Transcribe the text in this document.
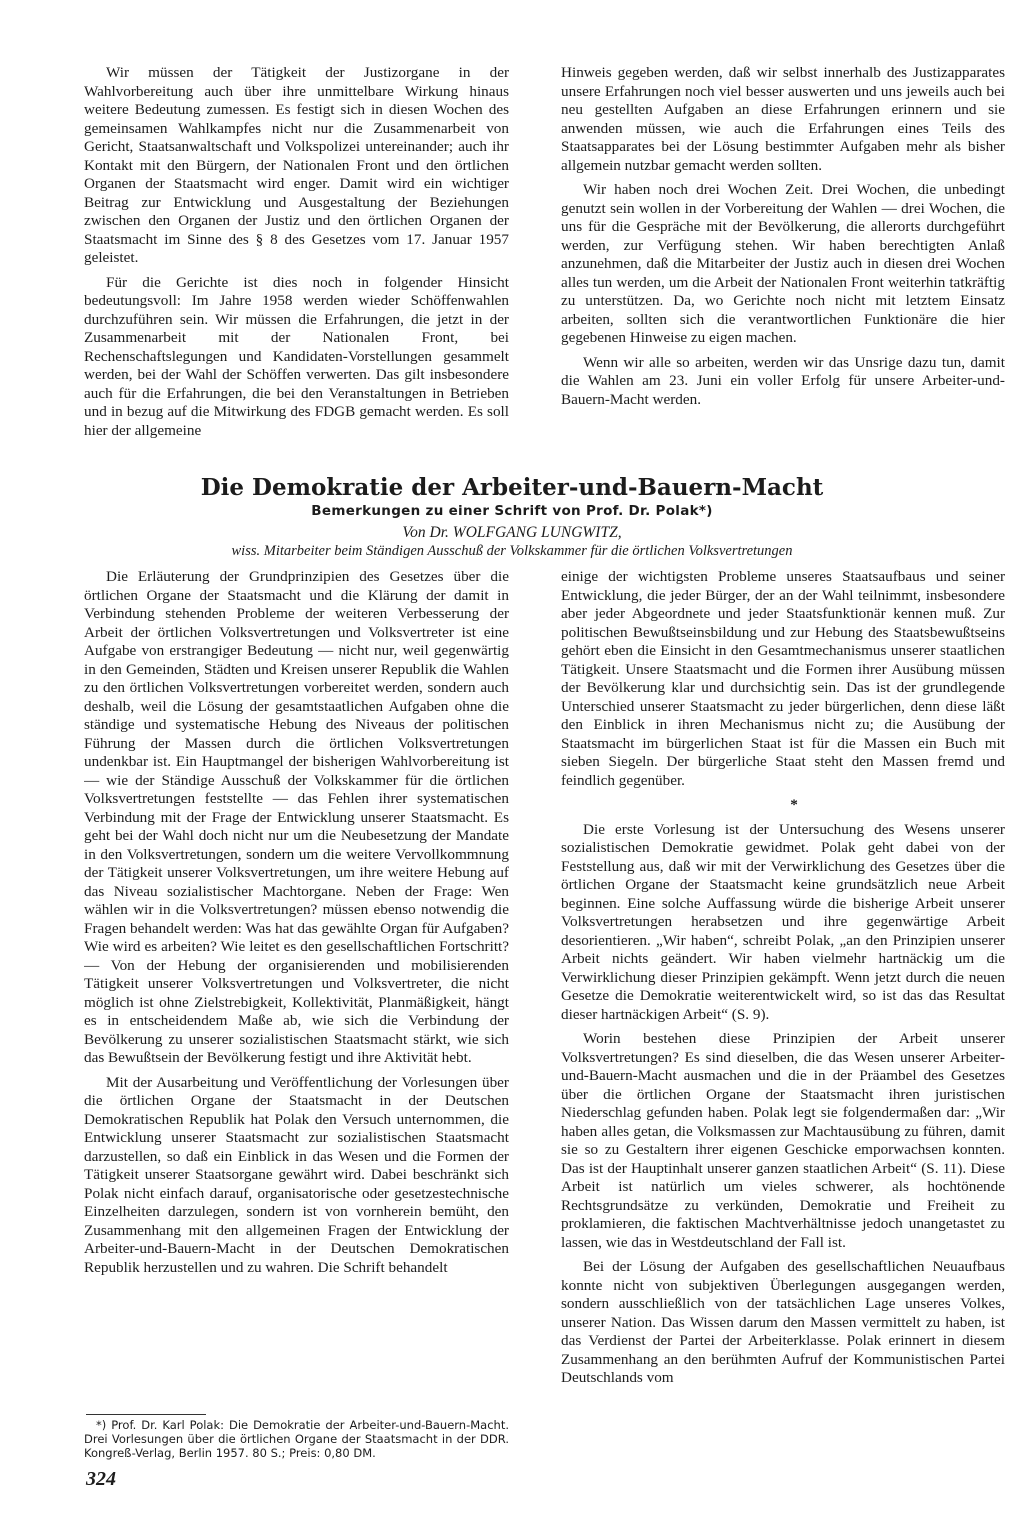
Wir müssen der Tätigkeit der Justizorgane in der Wahlvorbereitung auch über ihre unmittelbare Wirkung hinaus weitere Bedeutung zumessen. Es festigt sich in diesen Wochen des gemeinsamen Wahlkampfes nicht nur die Zusammenarbeit von Gericht, Staatsanwaltschaft und Volkspolizei untereinander; auch ihr Kontakt mit den Bürgern, der Nationalen Front und den örtlichen Organen der Staatsmacht wird enger. Damit wird ein wichtiger Beitrag zur Entwicklung und Ausgestaltung der Beziehungen zwischen den Organen der Justiz und den örtlichen Organen der Staatsmacht im Sinne des § 8 des Gesetzes vom 17. Januar 1957 geleistet.

Für die Gerichte ist dies noch in folgender Hinsicht bedeutungsvoll: Im Jahre 1958 werden wieder Schöffenwahlen durchzuführen sein. Wir müssen die Erfahrungen, die jetzt in der Zusammenarbeit mit der Nationalen Front, bei Rechenschaftslegungen und Kandidaten-Vorstellungen gesammelt werden, bei der Wahl der Schöffen verwerten. Das gilt insbesondere auch für die Erfahrungen, die bei den Veranstaltungen in Betrieben und in bezug auf die Mitwirkung des FDGB gemacht werden. Es soll hier der allgemeine

Hinweis gegeben werden, daß wir selbst innerhalb des Justizapparates unsere Erfahrungen noch viel besser auswerten und uns jeweils auch bei neu gestellten Aufgaben an diese Erfahrungen erinnern und sie anwenden müssen, wie auch die Erfahrungen eines Teils des Staatsapparates bei der Lösung bestimmter Aufgaben mehr als bisher allgemein nutzbar gemacht werden sollten.

Wir haben noch drei Wochen Zeit. Drei Wochen, die unbedingt genutzt sein wollen in der Vorbereitung der Wahlen — drei Wochen, die uns für die Gespräche mit der Bevölkerung, die allerorts durchgeführt werden, zur Verfügung stehen. Wir haben berechtigten Anlaß anzunehmen, daß die Mitarbeiter der Justiz auch in diesen drei Wochen alles tun werden, um die Arbeit der Nationalen Front weiterhin tatkräftig zu unterstützen. Da, wo Gerichte noch nicht mit letztem Einsatz arbeiten, sollten sich die verantwortlichen Funktionäre die hier gegebenen Hinweise zu eigen machen.

Wenn wir alle so arbeiten, werden wir das Unsrige dazu tun, damit die Wahlen am 23. Juni ein voller Erfolg für unsere Arbeiter-und-Bauern-Macht werden.

Die Demokratie der Arbeiter-und-Bauern-Macht
Bemerkungen zu einer Schrift von Prof. Dr. Polak*)
Von Dr. WOLFGANG LUNGWITZ,
wiss. Mitarbeiter beim Ständigen Ausschuß der Volkskammer für die örtlichen Volksvertretungen

Die Erläuterung der Grundprinzipien des Gesetzes über die örtlichen Organe der Staatsmacht und die Klärung der damit in Verbindung stehenden Probleme der weiteren Verbesserung der Arbeit der örtlichen Volksvertretungen und Volksvertreter ist eine Aufgabe von erstrangiger Bedeutung — nicht nur, weil gegenwärtig in den Gemeinden, Städten und Kreisen unserer Republik die Wahlen zu den örtlichen Volksvertretungen vorbereitet werden, sondern auch deshalb, weil die Lösung der gesamtstaatlichen Aufgaben ohne die ständige und systematische Hebung des Niveaus der politischen Führung der Massen durch die örtlichen Volksvertretungen undenkbar ist. Ein Hauptmangel der bisherigen Wahlvorbereitung ist — wie der Ständige Ausschuß der Volkskammer für die örtlichen Volksvertretungen feststellte — das Fehlen ihrer systematischen Verbindung mit der Frage der Entwicklung unserer Staatsmacht. Es geht bei der Wahl doch nicht nur um die Neubesetzung der Mandate in den Volksvertretungen, sondern um die weitere Vervollkommnung der Tätigkeit unserer Volksvertretungen, um ihre weitere Hebung auf das Niveau sozialistischer Machtorgane. Neben der Frage: Wen wählen wir in die Volksvertretungen? müssen ebenso notwendig die Fragen behandelt werden: Was hat das gewählte Organ für Aufgaben? Wie wird es arbeiten? Wie leitet es den gesellschaftlichen Fortschritt? — Von der Hebung der organisierenden und mobilisierenden Tätigkeit unserer Volksvertretungen und Volksvertreter, die nicht möglich ist ohne Zielstrebigkeit, Kollektivität, Planmäßigkeit, hängt es in entscheidendem Maße ab, wie sich die Verbindung der Bevölkerung zu unserer sozialistischen Staatsmacht stärkt, wie sich das Bewußtsein der Bevölkerung festigt und ihre Aktivität hebt.

Mit der Ausarbeitung und Veröffentlichung der Vorlesungen über die örtlichen Organe der Staatsmacht in der Deutschen Demokratischen Republik hat Polak den Versuch unternommen, die Entwicklung unserer Staatsmacht zur sozialistischen Staatsmacht darzustellen, so daß ein Einblick in das Wesen und die Formen der Tätigkeit unserer Staatsorgane gewährt wird. Dabei beschränkt sich Polak nicht einfach darauf, organisatorische oder gesetzestechnische Einzelheiten darzulegen, sondern ist von vornherein bemüht, den Zusammenhang mit den allgemeinen Fragen der Entwicklung der Arbeiter-und-Bauern-Macht in der Deutschen Demokratischen Republik herzustellen und zu wahren. Die Schrift behandelt

einige der wichtigsten Probleme unseres Staatsaufbaus und seiner Entwicklung, die jeder Bürger, der an der Wahl teilnimmt, insbesondere aber jeder Abgeordnete und jeder Staatsfunktionär kennen muß. Zur politischen Bewußtseinsbildung und zur Hebung des Staatsbewußtseins gehört eben die Einsicht in den Gesamtmechanismus unserer staatlichen Tätigkeit. Unsere Staatsmacht und die Formen ihrer Ausübung müssen der Bevölkerung klar und durchsichtig sein. Das ist der grundlegende Unterschied unserer Staatsmacht zu jeder bürgerlichen, denn diese läßt den Einblick in ihren Mechanismus nicht zu; die Ausübung der Staatsmacht im bürgerlichen Staat ist für die Massen ein Buch mit sieben Siegeln. Der bürgerliche Staat steht den Massen fremd und feindlich gegenüber.

*

Die erste Vorlesung ist der Untersuchung des Wesens unserer sozialistischen Demokratie gewidmet. Polak geht dabei von der Feststellung aus, daß wir mit der Verwirklichung des Gesetzes über die örtlichen Organe der Staatsmacht keine grundsätzlich neue Arbeit beginnen. Eine solche Auffassung würde die bisherige Arbeit unserer Volksvertretungen herabsetzen und ihre gegenwärtige Arbeit desorientieren. „Wir haben“, schreibt Polak, „an den Prinzipien unserer Arbeit nichts geändert. Wir haben vielmehr hartnäckig um die Verwirklichung dieser Prinzipien gekämpft. Wenn jetzt durch die neuen Gesetze die Demokratie weiterentwickelt wird, so ist das das Resultat dieser hartnäckigen Arbeit“ (S. 9).

Worin bestehen diese Prinzipien der Arbeit unserer Volksvertretungen? Es sind dieselben, die das Wesen unserer Arbeiter-und-Bauern-Macht ausmachen und die in der Präambel des Gesetzes über die örtlichen Organe der Staatsmacht ihren juristischen Niederschlag gefunden haben. Polak legt sie folgendermaßen dar: „Wir haben alles getan, die Volksmassen zur Machtausübung zu führen, damit sie so zu Gestaltern ihrer eigenen Geschicke emporwachsen konnten. Das ist der Hauptinhalt unserer ganzen staatlichen Arbeit“ (S. 11). Diese Arbeit ist natürlich um vieles schwerer, als hochtönende Rechtsgrundsätze zu verkünden, Demokratie und Freiheit zu proklamieren, die faktischen Machtverhältnisse jedoch unangetastet zu lassen, wie das in Westdeutschland der Fall ist.

Bei der Lösung der Aufgaben des gesellschaftlichen Neuaufbaus konnte nicht von subjektiven Überlegungen ausgegangen werden, sondern ausschließlich von der tatsächlichen Lage unseres Volkes, unserer Nation. Das Wissen darum den Massen vermittelt zu haben, ist das Verdienst der Partei der Arbeiterklasse. Polak erinnert in diesem Zusammenhang an den berühmten Aufruf der Kommunistischen Partei Deutschlands vom

*) Prof. Dr. Karl Polak: Die Demokratie der Arbeiter-und-Bauern-Macht. Drei Vorlesungen über die örtlichen Organe der Staatsmacht in der DDR. Kongreß-Verlag, Berlin 1957. 80 S.; Preis: 0,80 DM.
324
